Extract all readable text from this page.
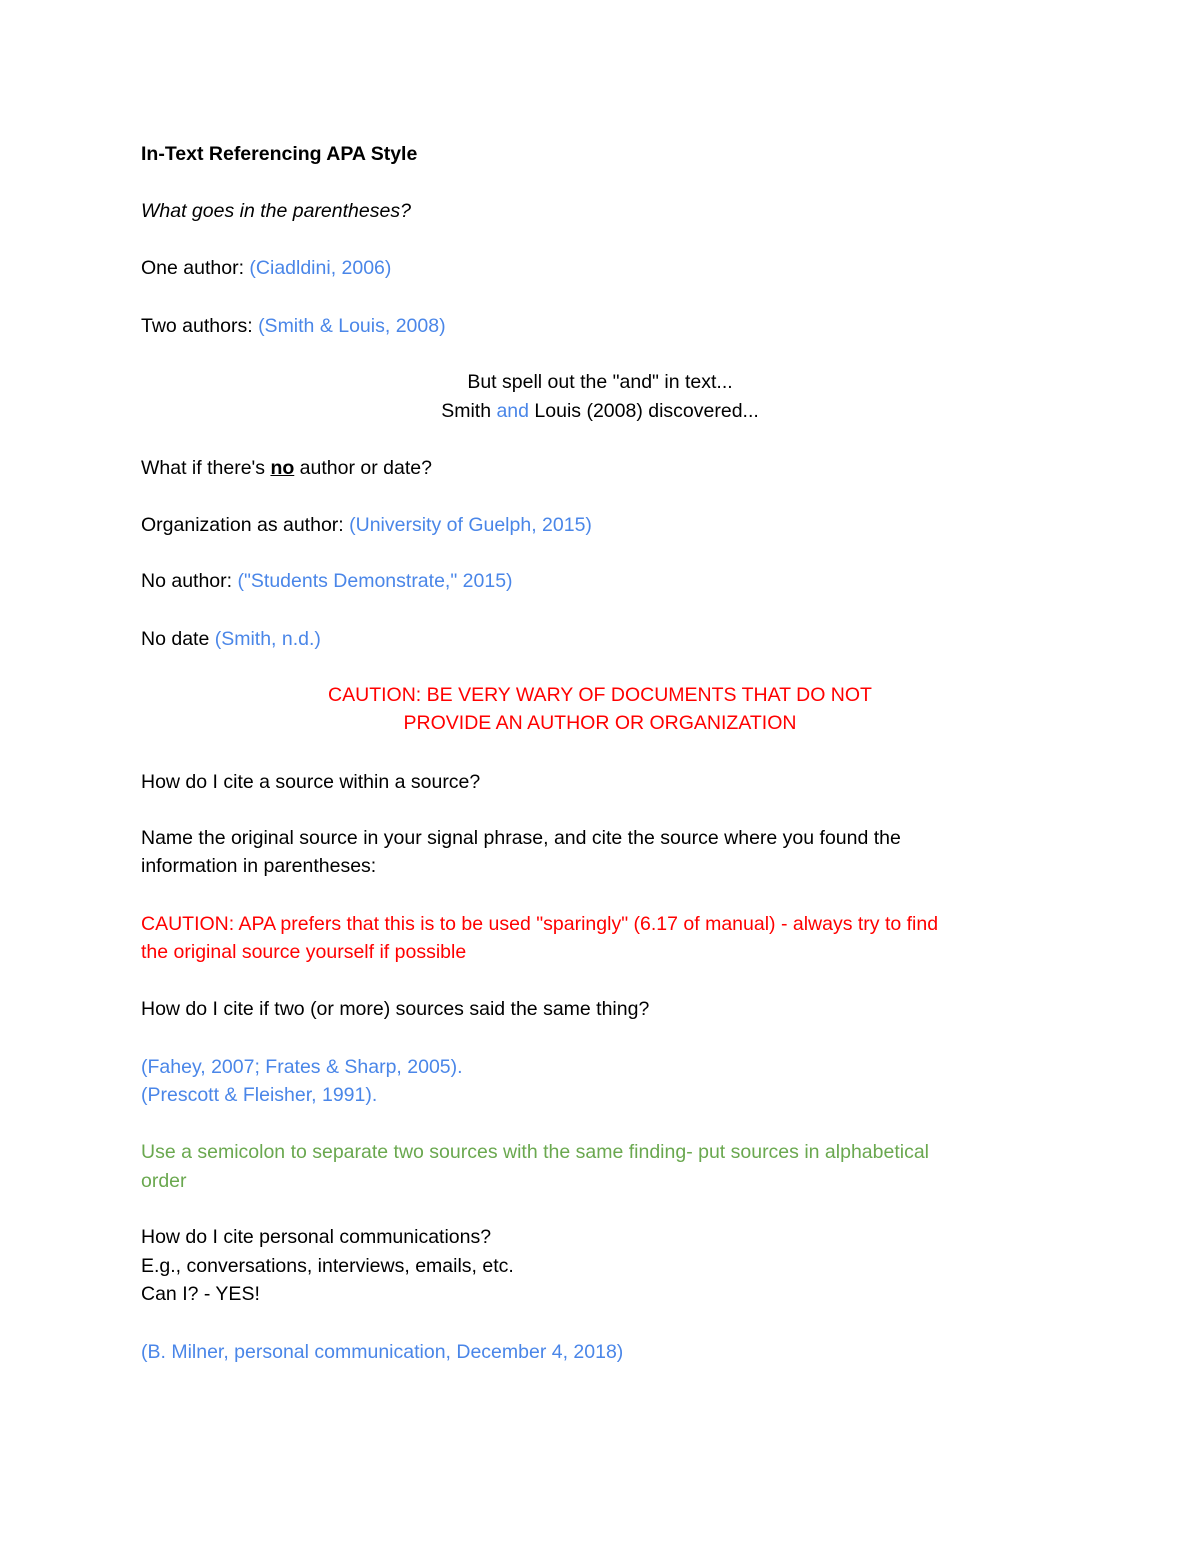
In-Text Referencing APA Style
What goes in the parentheses?
One author: (Ciadldini, 2006)
Two authors: (Smith & Louis, 2008)
But spell out the "and" in text...
Smith and Louis (2008) discovered...
What if there's no author or date?
Organization as author: (University of Guelph, 2015)
No author: ("Students Demonstrate," 2015)
No date (Smith, n.d.)
CAUTION: BE VERY WARY OF DOCUMENTS THAT DO NOT
PROVIDE AN AUTHOR OR ORGANIZATION
How do I cite a source within a source?
Name the original source in your signal phrase, and cite the source where you found the
information in parentheses:
CAUTION: APA prefers that this is to be used "sparingly" (6.17 of manual) - always try to find
the original source yourself if possible
How do I cite if two (or more) sources said the same thing?
(Fahey, 2007; Frates & Sharp, 2005).
(Prescott & Fleisher, 1991).
Use a semicolon to separate two sources with the same finding- put sources in alphabetical
order
How do I cite personal communications?
E.g., conversations, interviews, emails, etc.
Can I? - YES!
(B. Milner, personal communication, December 4, 2018)
